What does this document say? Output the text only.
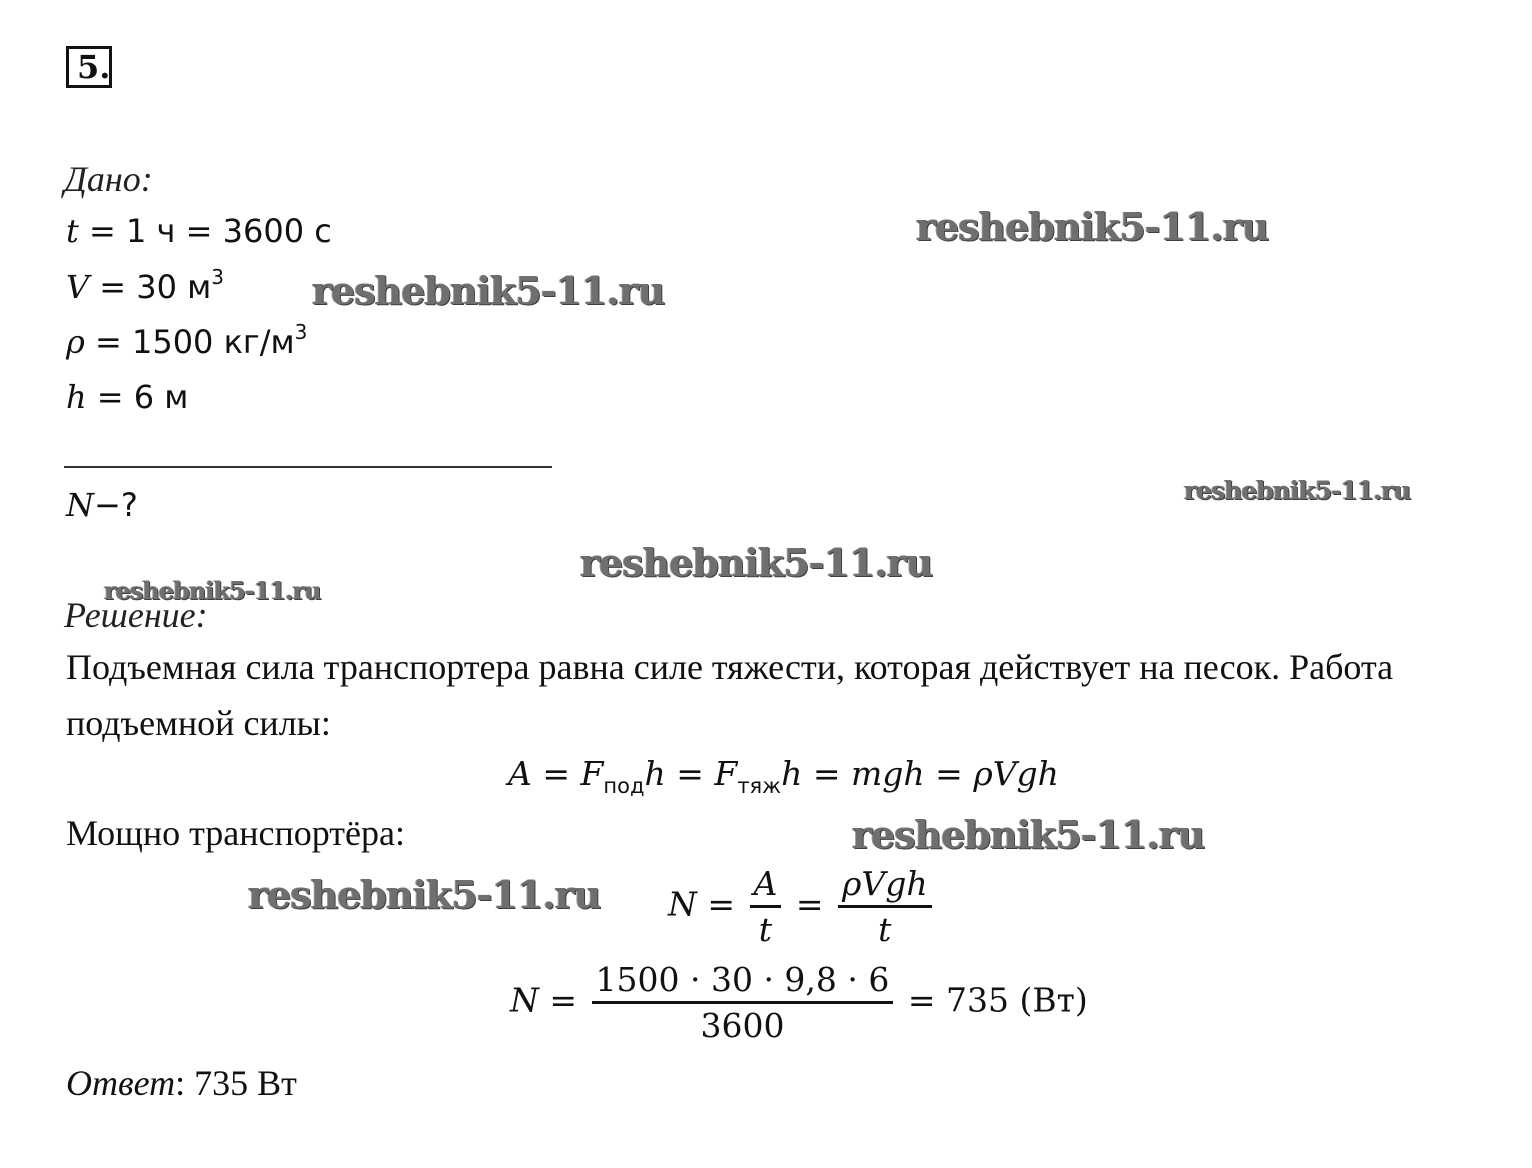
5.
Дано:
t = 1 ч = 3600 с
V = 30 $м^3$
ρ = 1500 $кг/м^3$
h = 6 м
N−?
Решение:
Подъемная сила транспортера равна силе тяжести, которая действует на песок. Работа
подъемной силы:
$A = F_{под}h = F_{тяж}h$ = mgh = ρVgh
Мощно транспортёра:
$N = \frac{A}{t} = \frac{\text{ρVgh}}{t}$
$N = \frac{1500 \cdot 30 \cdot 9,8 \cdot 6}{3600} = 735$ (Вт)
Ответ: 735 Вт
reshebnik5-11.ru
reshebnik5-11.ru
reshebnik5-11.ru
reshebnik5-11.ru
reshebnik5-11.ru
reshebnik5-11.ru
reshebnik5-11.ru
